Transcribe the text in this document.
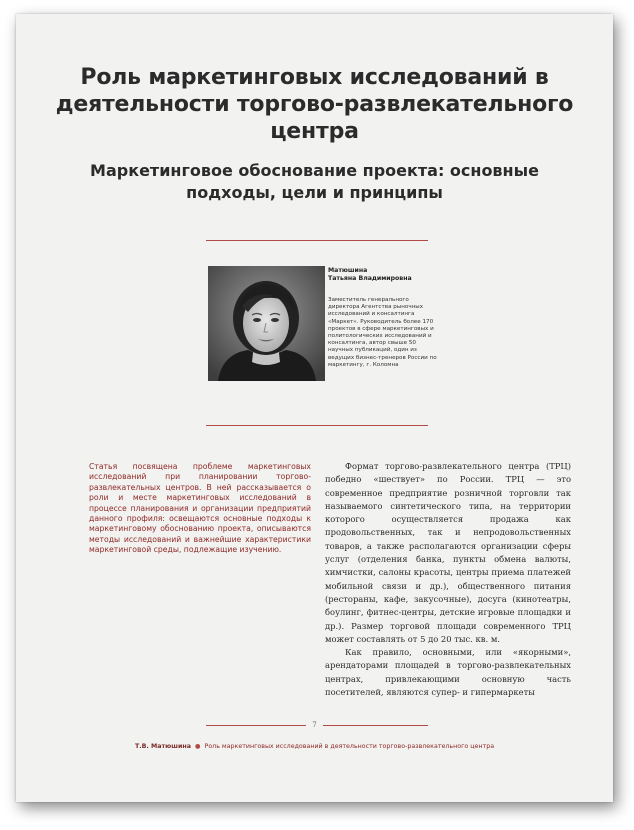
Роль маркетинговых исследований в деятельности торгово-развлекательного центра
Маркетинговое обоснование проекта: основные подходы, цели и принципы
Матюшина
Татьяна Владимировна
Заместитель генерального директора Агентства рыночных исследований и консалтинга «Маркет». Руководитель более 170 проектов в сфере маркетинговых и политологических исследований и консалтинга, автор свыше 50 научных публикаций, один из ведущих бизнес-тренеров России по маркетингу, г. Коломна
Статья посвящена проблеме маркетинговых исследований при планировании торгово-развлекательных центров. В ней рассказывается о роли и месте маркетинговых исследований в процессе планирования и организации предприятий данного профиля: освещаются основные подходы к маркетинговому обоснованию проекта, описываются методы исследований и важнейшие характеристики маркетинговой среды, подлежащие изучению.

Формат торгово-развлекательного центра (ТРЦ) победно «шествует» по России. ТРЦ — это современное предприятие розничной торговли так называемого синтетического типа, на территории которого осуществляется продажа как продовольственных, так и непродовольственных товаров, а также располагаются организации сферы услуг (отделения банка, пункты обмена валюты, химчистки, салоны красоты, центры приема платежей мобильной связи и др.), общественного питания (рестораны, кафе, закусочные), досуга (кинотеатры, боулинг, фитнес-центры, детские игровые площадки и др.). Размер торговой площади современного ТРЦ может составлять от 5 до 20 тыс. кв. м.

Как правило, основными, или «якорными», арендаторами площадей в торгово-развлекательных центрах, привлекающими основную часть посетителей, являются супер- и гипермаркеты

7
Т.В. Матюшина ● Роль маркетинговых исследований в деятельности торгово-развлекательного центра
